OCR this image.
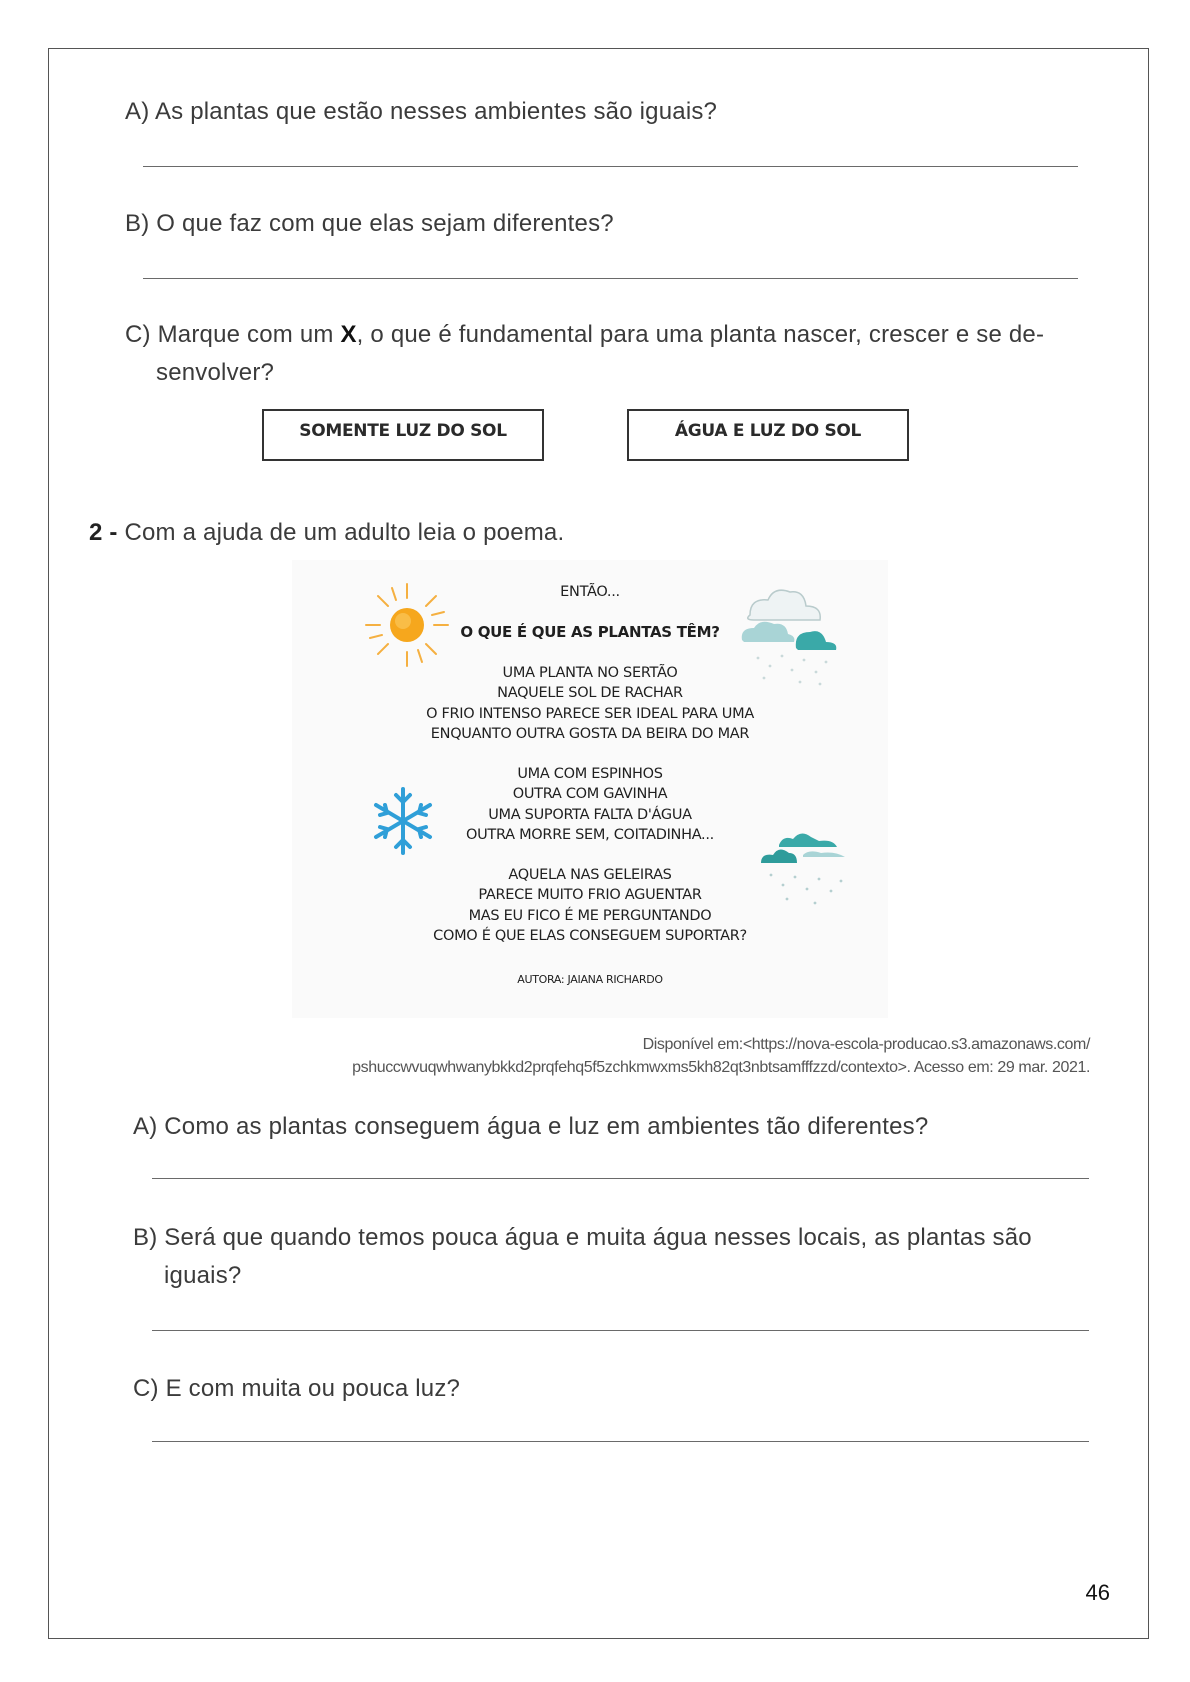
A) As plantas que estão nesses ambientes são iguais?
B) O que faz com que elas sejam diferentes?
C) Marque com um X, o que é fundamental para uma planta nascer, crescer e se de-
senvolver?
SOMENTE LUZ DO SOL	ÁGUA E LUZ DO SOL
2 - Com a ajuda de um adulto leia o poema.
ENTÃO...
O QUE É QUE AS PLANTAS TÊM?
UMA PLANTA NO SERTÃO
NAQUELE SOL DE RACHAR
O FRIO INTENSO PARECE SER IDEAL PARA UMA
ENQUANTO OUTRA GOSTA DA BEIRA DO MAR
UMA COM ESPINHOS
OUTRA COM GAVINHA
UMA SUPORTA FALTA D'ÁGUA
OUTRA MORRE SEM, COITADINHA...
AQUELA NAS GELEIRAS
PARECE MUITO FRIO AGUENTAR
MAS EU FICO É ME PERGUNTANDO
COMO É QUE ELAS CONSEGUEM SUPORTAR?
AUTORA: JAIANA RICHARDO
Disponível em:<https://nova-escola-producao.s3.amazonaws.com/
pshuccwvuqwhwanybkkd2prqfehq5f5zchkmwxms5kh82qt3nbtsamfffzzd/contexto>. Acesso em: 29 mar. 2021.
A) Como as plantas conseguem água e luz em ambientes tão diferentes?
B) Será que quando temos pouca água e muita água nesses locais, as plantas são
iguais?
C) E com muita ou pouca luz?
46
